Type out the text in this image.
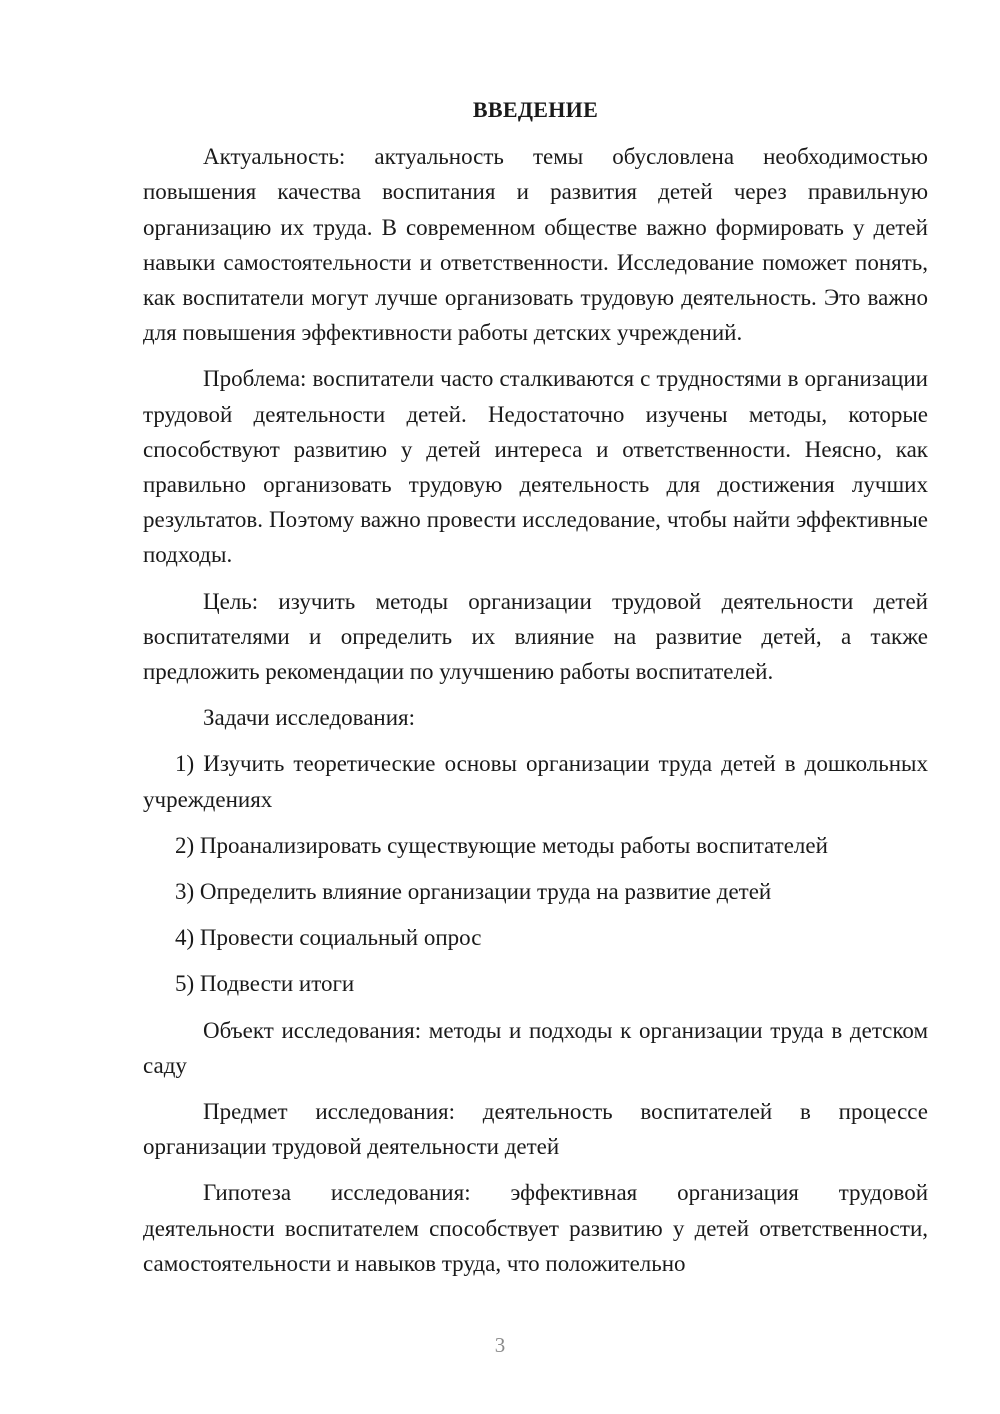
ВВЕДЕНИЕ

Актуальность: актуальность темы обусловлена необходимостью повышения качества воспитания и развития детей через правильную организацию их труда. В современном обществе важно формировать у детей навыки самостоятельности и ответственности. Исследование поможет понять, как воспитатели могут лучше организовать трудовую деятельность. Это важно для повышения эффективности работы детских учреждений.

Проблема: воспитатели часто сталкиваются с трудностями в организации трудовой деятельности детей. Недостаточно изучены методы, которые способствуют развитию у детей интереса и ответственности. Неясно, как правильно организовать трудовую деятельность для достижения лучших результатов. Поэтому важно провести исследование, чтобы найти эффективные подходы.

Цель: изучить методы организации трудовой деятельности детей воспитателями и определить их влияние на развитие детей, а также предложить рекомендации по улучшению работы воспитателей.

Задачи исследования:

1) Изучить теоретические основы организации труда детей в дошкольных учреждениях

2) Проанализировать существующие методы работы воспитателей

3) Определить влияние организации труда на развитие детей

4) Провести социальный опрос

5) Подвести итоги

Объект исследования: методы и подходы к организации труда в детском саду

Предмет исследования: деятельность воспитателей в процессе организации трудовой деятельности детей

Гипотеза исследования: эффективная организация трудовой деятельности воспитателем способствует развитию у детей ответственности, самостоятельности и навыков труда, что положительно

3
